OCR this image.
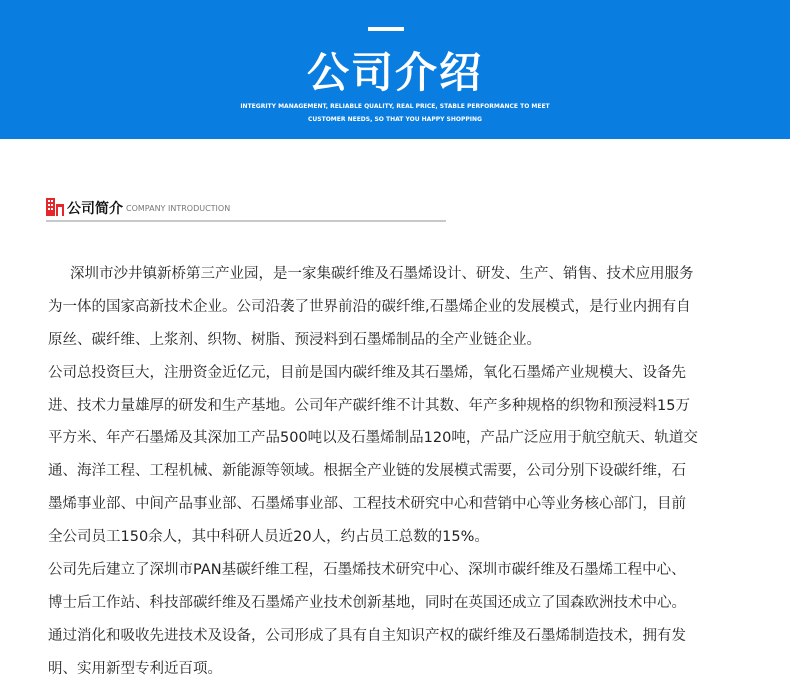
公司介绍
INTEGRITY MANAGEMENT, RELIABLE QUALITY, REAL PRICE, STABLE PERFORMANCE TO MEET
CUSTOMER NEEDS, SO THAT YOU HAPPY SHOPPING
公司简介 COMPANY INTRODUCTION
深圳市沙井镇新桥第三产业园，是一家集碳纤维及石墨烯设计、研发、生产、销售、技术应用服务
为一体的国家高新技术企业。公司沿袭了世界前沿的碳纤维,石墨烯企业的发展模式，是行业内拥有自
原丝、碳纤维、上浆剂、织物、树脂、预浸料到石墨烯制品的全产业链企业。
公司总投资巨大，注册资金近亿元，目前是国内碳纤维及其石墨烯，氧化石墨烯产业规模大、设备先
进、技术力量雄厚的研发和生产基地。公司年产碳纤维不计其数、年产多种规格的织物和预浸料15万
平方米、年产石墨烯及其深加工产品500吨以及石墨烯制品120吨，产品广泛应用于航空航天、轨道交
通、海洋工程、工程机械、新能源等领域。根据全产业链的发展模式需要，公司分别下设碳纤维，石
墨烯事业部、中间产品事业部、石墨烯事业部、工程技术研究中心和营销中心等业务核心部门，目前
全公司员工150余人，其中科研人员近20人，约占员工总数的15%。
公司先后建立了深圳市PAN基碳纤维工程，石墨烯技术研究中心、深圳市碳纤维及石墨烯工程中心、
博士后工作站、科技部碳纤维及石墨烯产业技术创新基地，同时在英国还成立了国森欧洲技术中心。
通过消化和吸收先进技术及设备，公司形成了具有自主知识产权的碳纤维及石墨烯制造技术，拥有发
明、实用新型专利近百项。
